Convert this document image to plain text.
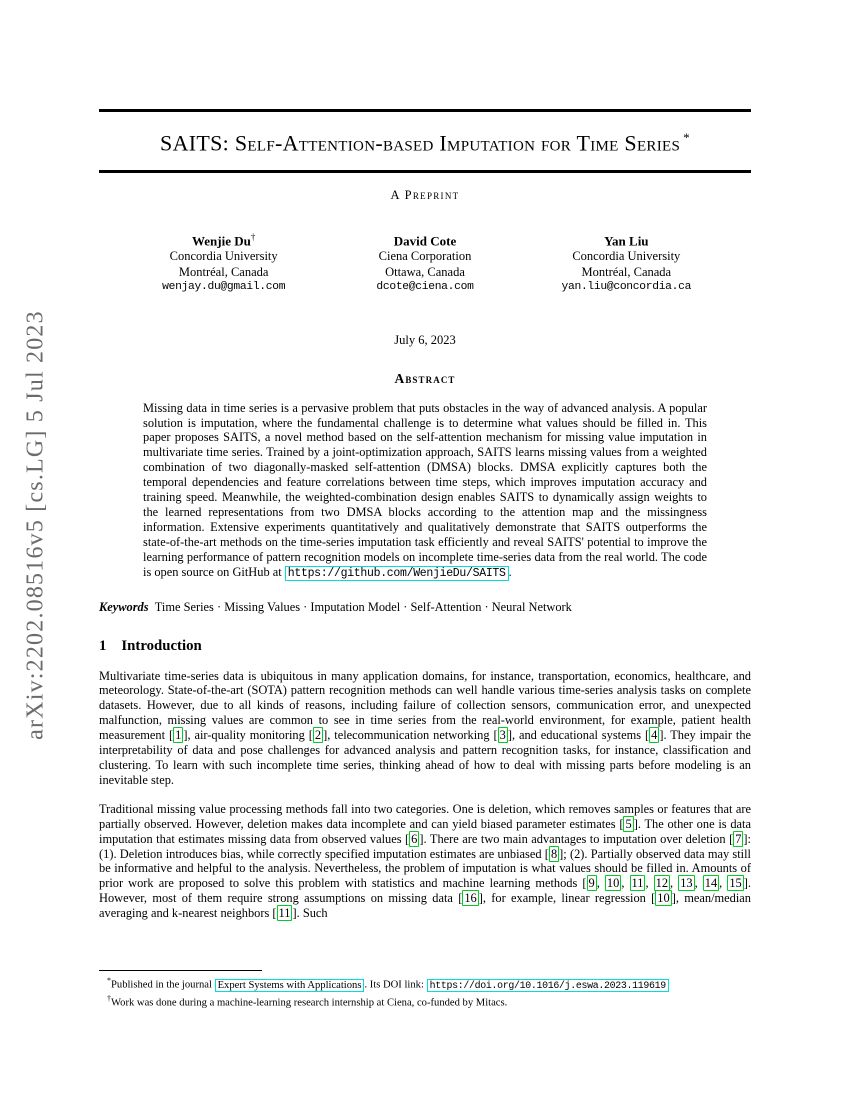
arXiv:2202.08516v5 [cs.LG] 5 Jul 2023
SAITS: Self-Attention-based Imputation for Time Series *
A Preprint
Wenjie Du†
Concordia University
Montréal, Canada
wenjay.du@gmail.com
David Cote
Ciena Corporation
Ottawa, Canada
dcote@ciena.com
Yan Liu
Concordia University
Montréal, Canada
yan.liu@concordia.ca
July 6, 2023
Abstract
Missing data in time series is a pervasive problem that puts obstacles in the way of advanced analysis. A popular solution is imputation, where the fundamental challenge is to determine what values should be filled in. This paper proposes SAITS, a novel method based on the self-attention mechanism for missing value imputation in multivariate time series. Trained by a joint-optimization approach, SAITS learns missing values from a weighted combination of two diagonally-masked self-attention (DMSA) blocks. DMSA explicitly captures both the temporal dependencies and feature correlations between time steps, which improves imputation accuracy and training speed. Meanwhile, the weighted-combination design enables SAITS to dynamically assign weights to the learned representations from two DMSA blocks according to the attention map and the missingness information. Extensive experiments quantitatively and qualitatively demonstrate that SAITS outperforms the state-of-the-art methods on the time-series imputation task efficiently and reveal SAITS' potential to improve the learning performance of pattern recognition models on incomplete time-series data from the real world. The code is open source on GitHub at https://github.com/WenjieDu/SAITS .
Keywords Time Series · Missing Values · Imputation Model · Self-Attention · Neural Network
1 Introduction
Multivariate time-series data is ubiquitous in many application domains, for instance, transportation, economics, healthcare, and meteorology. State-of-the-art (SOTA) pattern recognition methods can well handle various time-series analysis tasks on complete datasets. However, due to all kinds of reasons, including failure of collection sensors, communication error, and unexpected malfunction, missing values are common to see in time series from the real-world environment, for example, patient health measurement [ 1 ], air-quality monitoring [ 2 ], telecommunication networking [ 3 ], and educational systems [ 4 ]. They impair the interpretability of data and pose challenges for advanced analysis and pattern recognition tasks, for instance, classification and clustering. To learn with such incomplete time series, thinking ahead of how to deal with missing parts before modeling is an inevitable step.
Traditional missing value processing methods fall into two categories. One is deletion, which removes samples or features that are partially observed. However, deletion makes data incomplete and can yield biased parameter estimates [ 5 ]. The other one is data imputation that estimates missing data from observed values [ 6 ]. There are two main advantages to imputation over deletion [ 7 ]: (1). Deletion introduces bias, while correctly specified imputation estimates are unbiased [ 8 ]; (2). Partially observed data may still be informative and helpful to the analysis. Nevertheless, the problem of imputation is what values should be filled in. Amounts of prior work are proposed to solve this problem with statistics and machine learning methods [ 9 , 10 , 11 , 12 , 13 , 14 , 15 ]. However, most of them require strong assumptions on missing data [ 16 ], for example, linear regression [ 10 ], mean/median averaging and k-nearest neighbors [ 11 ]. Such
*Published in the journal Expert Systems with Applications . Its DOI link: https://doi.org/10.1016/j.eswa.2023.119619
†Work was done during a machine-learning research internship at Ciena, co-funded by Mitacs.
